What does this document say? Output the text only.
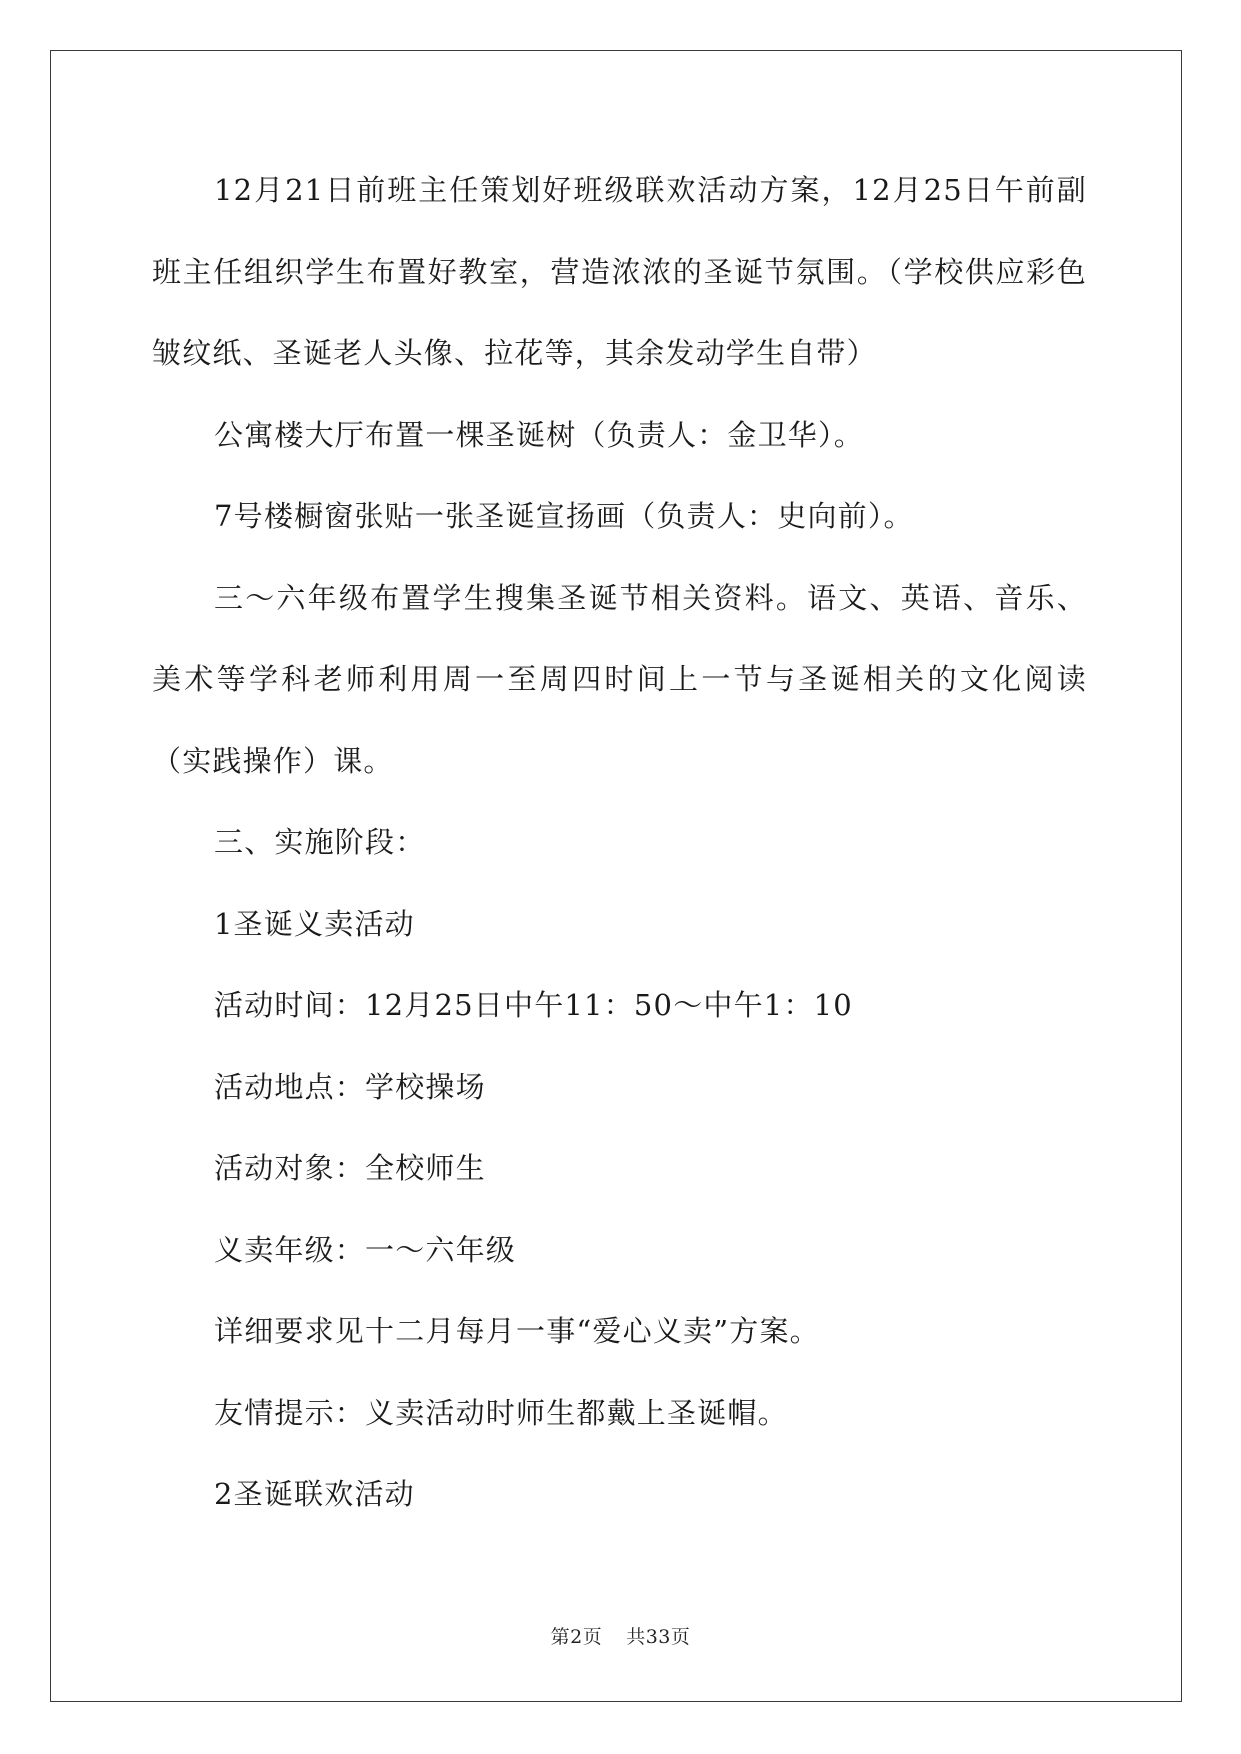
12月21日前班主任策划好班级联欢活动方案，12月25日午前副班主任组织学生布置好教室，营造浓浓的圣诞节氛围。（学校供应彩色皱纹纸、圣诞老人头像、拉花等，其余发动学生自带）

公寓楼大厅布置一棵圣诞树（负责人：金卫华）。

7号楼橱窗张贴一张圣诞宣扬画（负责人：史向前）。

三～六年级布置学生搜集圣诞节相关资料。语文、英语、音乐、美术等学科老师利用周一至周四时间上一节与圣诞相关的文化阅读（实践操作）课。

三、实施阶段：

1圣诞义卖活动

活动时间：12月25日中午11：50～中午1：10

活动地点：学校操场

活动对象：全校师生

义卖年级：一～六年级

详细要求见十二月每月一事“爱心义卖”方案。

友情提示：义卖活动时师生都戴上圣诞帽。

2圣诞联欢活动

第2页 共33页
